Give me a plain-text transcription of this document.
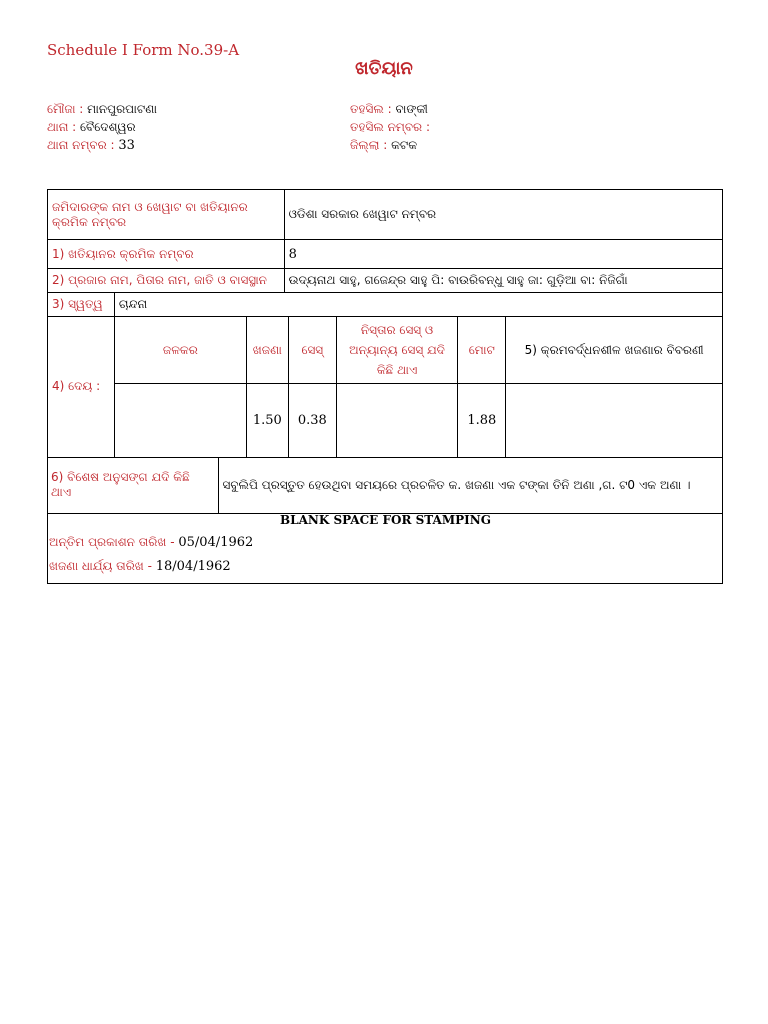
Schedule I Form No.39-A
ଖତିୟାନ
ମୌଜା : ମାନପୁରପାଟଣା
ଥାନା : ବୈଦେଶ୍ୱର
ଥାନା ନମ୍ବର : 33
ତହସିଲ : ବାଙ୍କୀ
ତହସିଲ ନମ୍ବର :
ଜିଲ୍ଲା : କଟକ
ଜମିଦାରଙ୍କ ନାମ ଓ ଖେୱାଟ ବା ଖତିୟାନର କ୍ରମିକ ନମ୍ବର	ଓଡିଶା ସରକାର ଖେୱାଟ ନମ୍ବର
1) ଖତିୟାନର କ୍ରମିକ ନମ୍ବର	8
2) ପ୍ରଜାର ନାମ, ପିତାର ନାମ, ଜାତି ଓ ବାସସ୍ଥାନ	ଉଦ୍ୟନାଥ ସାହୁ, ଗଜେନ୍ଦ୍ର ସାହୁ ପି: ବାଉରିବନ୍ଧୁ ସାହୁ ଜା: ଗୁଡ଼ିଆ ବା: ନିଜିଗାଁ
3) ସ୍ୱତ୍ୱ	ଚାନ୍ଦନା
4) ଦେୟ :	
ଜଳକର	ଖଜଣା	ସେସ୍	ନିସ୍ତାର ସେସ୍ ଓ ଅନ୍ୟାନ୍ୟ ସେସ୍ ଯଦି କିଛି ଥାଏ	ମୋଟ	5) କ୍ରମବର୍ଦ୍ଧନଶୀଳ ଖଜଣାର ବିବରଣୀ
	1.50	0.38		1.88	

6) ବିଶେଷ ଅନୁସଙ୍ଗ ଯଦି କିଛି ଥାଏ	ସବୁଲିପି ପ୍ରସ୍ତୁତ ହେଉଥିବା ସମୟରେ ପ୍ରଚଳିତ କ. ଖଜଣା ଏକ ଟଙ୍କା ତିନି ଅଣା ,ଗ. ଟ0 ଏକ ଅଣା ।

BLANK SPACE FOR STAMPING
ଅନ୍ତିମ ପ୍ରକାଶନ ତାରିଖ - 05/04/1962
ଖଜଣା ଧାର୍ଯ୍ୟ ତାରିଖ - 18/04/1962
